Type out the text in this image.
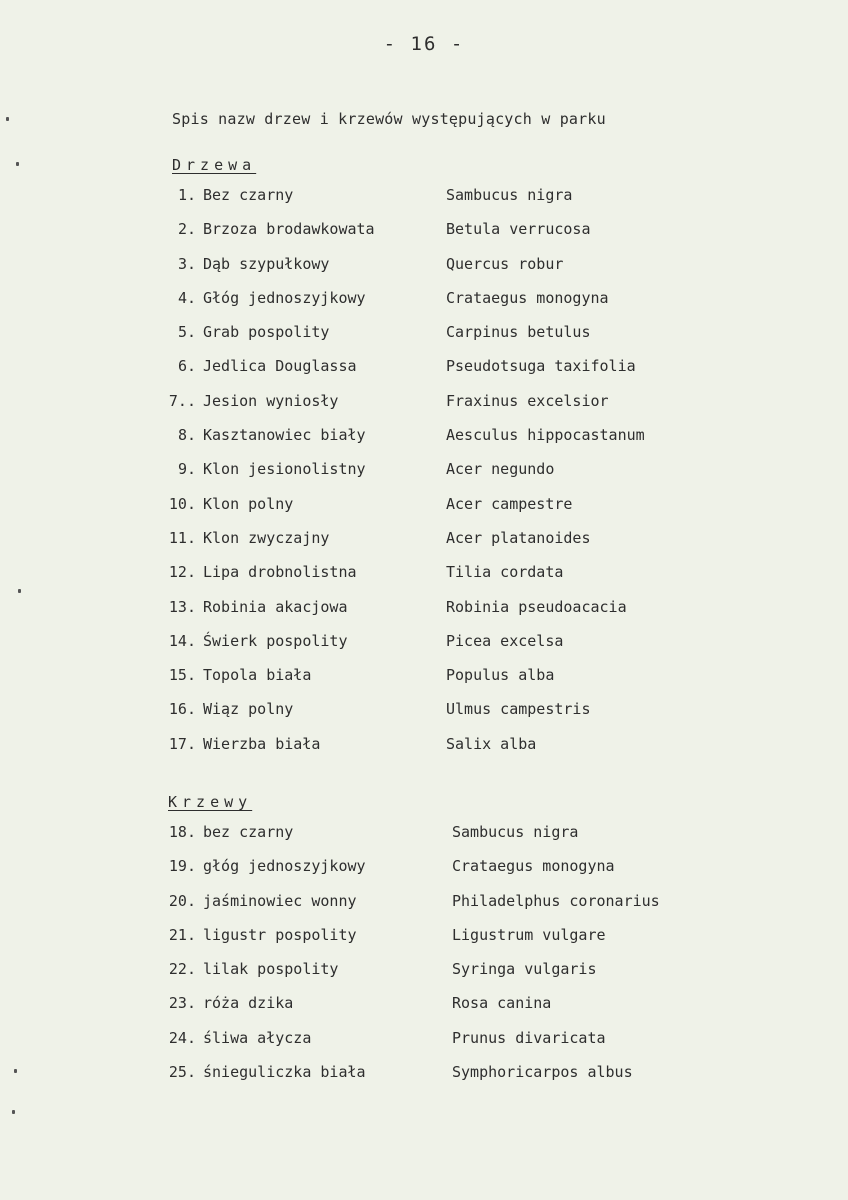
- 16 -
Spis nazw drzew i krzewów występujących w parku
Drzewa
1. Bez czarny	Sambucus nigra
2. Brzoza brodawkowata	Betula verrucosa
3. Dąb szypułkowy	Quercus robur
4. Głóg jednoszyjkowy	Crataegus monogyna
5. Grab pospolity	Carpinus betulus
6. Jedlica Douglassa	Pseudotsuga taxifolia
7.. Jesion wyniosły	Fraxinus excelsior
8. Kasztanowiec biały	Aesculus hippocastanum
9. Klon jesionolistny	Acer negundo
10. Klon polny	Acer campestre
11. Klon zwyczajny	Acer platanoides
12. Lipa drobnolistna	Tilia cordata
13. Robinia akacjowa	Robinia pseudoacacia
14. Świerk pospolity	Picea excelsa
15. Topola biała	Populus alba
16. Wiąz polny	Ulmus campestris
17. Wierzba biała	Salix alba
Krzewy
18. bez czarny	Sambucus nigra
19. głóg jednoszyjkowy	Crataegus monogyna
20. jaśminowiec wonny	Philadelphus coronarius
21. ligustr pospolity	Ligustrum vulgare
22. lilak pospolity	Syringa vulgaris
23. róża dzika	Rosa canina
24. śliwa ałycza	Prunus divaricata
25. śnieguliczka biała	Symphoricarpos albus
